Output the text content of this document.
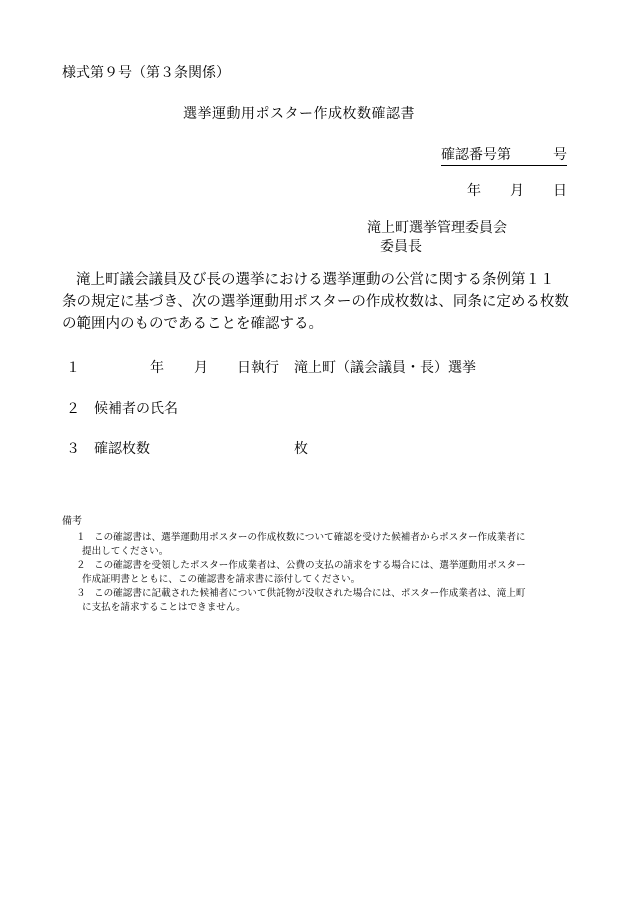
様式第９号（第３条関係）
選挙運動用ポスター作成枚数確認書
確認番号第	号
年 月 日
滝上町選挙管理委員会
委員長
滝上町議会議員及び長の選挙における選挙運動の公営に関する条例第１１
条の規定に基づき、次の選挙運動用ポスターの作成枚数は、同条に定める枚数
の範囲内のものであることを確認する。
１	年 月 日執行 滝上町（議会議員・長）選挙
２ 候補者の氏名
３ 確認枚数	枚
備考
１ この確認書は、選挙運動用ポスターの作成枚数について確認を受けた候補者からポスター作成業者に
提出してください。
２ この確認書を受領したポスター作成業者は、公費の支払の請求をする場合には、選挙運動用ポスター
作成証明書とともに、この確認書を請求書に添付してください。
３ この確認書に記載された候補者について供託物が没収された場合には、ポスター作成業者は、滝上町
に支払を請求することはできません。
